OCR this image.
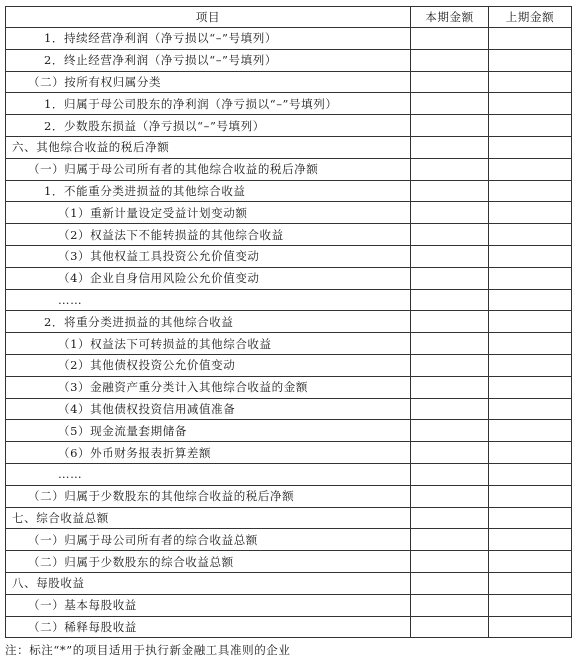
项目	本期金额	上期金额
1．持续经营净利润（净亏损以“–”号填列）		
2．终止经营净利润（净亏损以“–”号填列）		
（二）按所有权归属分类		
1．归属于母公司股东的净利润（净亏损以“–”号填列）		
2．少数股东损益（净亏损以“–”号填列）		
六、其他综合收益的税后净额		
（一）归属于母公司所有者的其他综合收益的税后净额		
1．不能重分类进损益的其他综合收益		
（1）重新计量设定受益计划变动额		
（2）权益法下不能转损益的其他综合收益		
（3）其他权益工具投资公允价值变动		
（4）企业自身信用风险公允价值变动		
……		
2．将重分类进损益的其他综合收益		
（1）权益法下可转损益的其他综合收益		
（2）其他债权投资公允价值变动		
（3）金融资产重分类计入其他综合收益的金额		
（4）其他债权投资信用减值准备		
（5）现金流量套期储备		
（6）外币财务报表折算差额		
……		
（二）归属于少数股东的其他综合收益的税后净额		
七、综合收益总额		
（一）归属于母公司所有者的综合收益总额		
（二）归属于少数股东的综合收益总额		
八、每股收益		
（一）基本每股收益		
（二）稀释每股收益		
注：标注“*”的项目适用于执行新金融工具准则的企业
